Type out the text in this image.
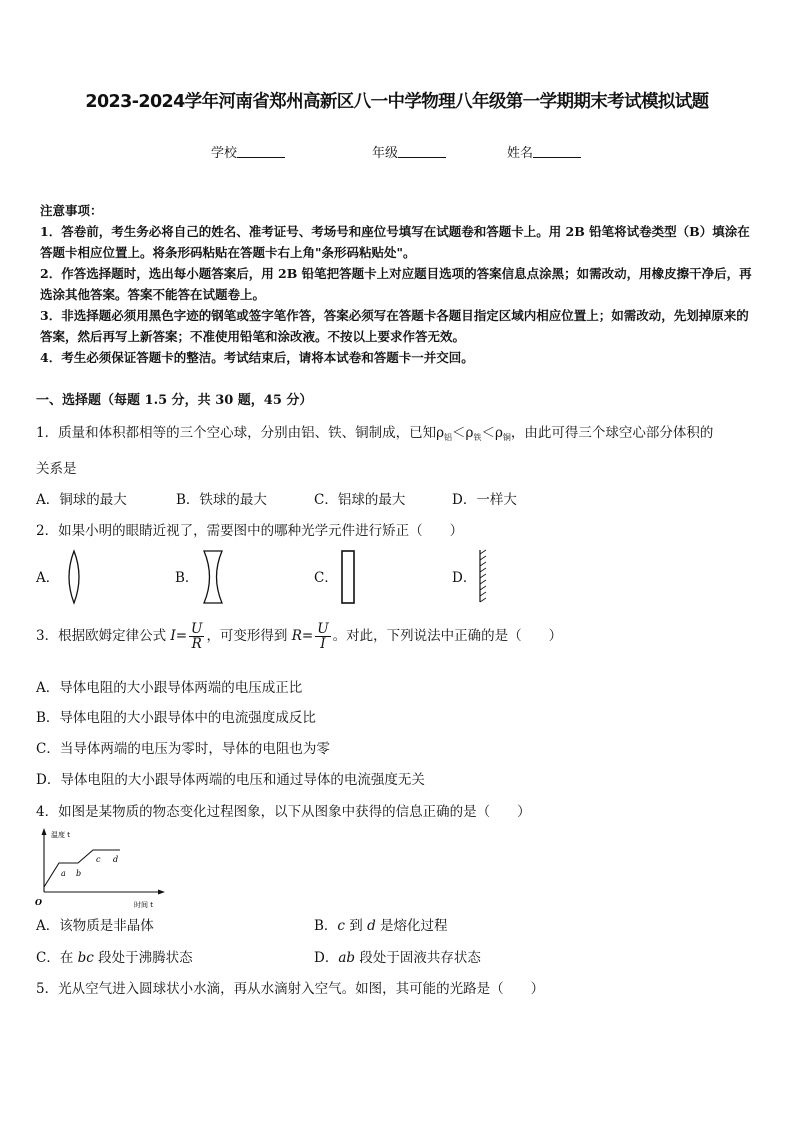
2023-2024学年河南省郑州高新区八一中学物理八年级第一学期期末考试模拟试题
学校	年级	姓名

注意事项：

1．答卷前，考生务必将自己的姓名、准考证号、考场号和座位号填写在试题卷和答题卡上。用 2B 铅笔将试卷类型（B）填涂在答题卡相应位置上。将条形码粘贴在答题卡右上角"条形码粘贴处"。

2．作答选择题时，选出每小题答案后，用 2B 铅笔把答题卡上对应题目选项的答案信息点涂黑；如需改动，用橡皮擦干净后，再选涂其他答案。答案不能答在试题卷上。

3．非选择题必须用黑色字迹的钢笔或签字笔作答，答案必须写在答题卡各题目指定区域内相应位置上；如需改动，先划掉原来的答案，然后再写上新答案；不准使用铅笔和涂改液。不按以上要求作答无效。

4．考生必须保证答题卡的整洁。考试结束后，请将本试卷和答题卡一并交回。

一、选择题（每题 1.5 分，共 30 题，45 分）
1．质量和体积都相等的三个空心球，分别由铝、铁、铜制成，已知$\rho_铝<\rho_铁<\rho_铜$，由此可得三个球空心部分体积的
关系是
A．铜球的最大	B．铁球的最大	C．铝球的最大	D．一样大
2．如果小明的眼睛近视了，需要图中的哪种光学元件进行矫正（　　）
A．	B．	C．	D．
3．根据欧姆定律公式 $I= \frac{U}{R}$ ，可变形得到 $R= \frac{U}{I}$ 。对此，下列说法中正确的是（　　）
A．导体电阻的大小跟导体两端的电压成正比
B．导体电阻的大小跟导体中的电流强度成反比
C．当导体两端的电压为零时，导体的电阻也为零
D．导体电阻的大小跟导体两端的电压和通过导体的电流强度无关
4．如图是某物质的物态变化过程图象，以下从图象中获得的信息正确的是（　　）
温度 t
时间 t
O
a b
c d
A．该物质是非晶体	B．c 到 d 是熔化过程
C．在 bc 段处于沸腾状态	D．ab 段处于固液共存状态
5．光从空气进入圆球状小水滴，再从水滴射入空气。如图，其可能的光路是（　　）
